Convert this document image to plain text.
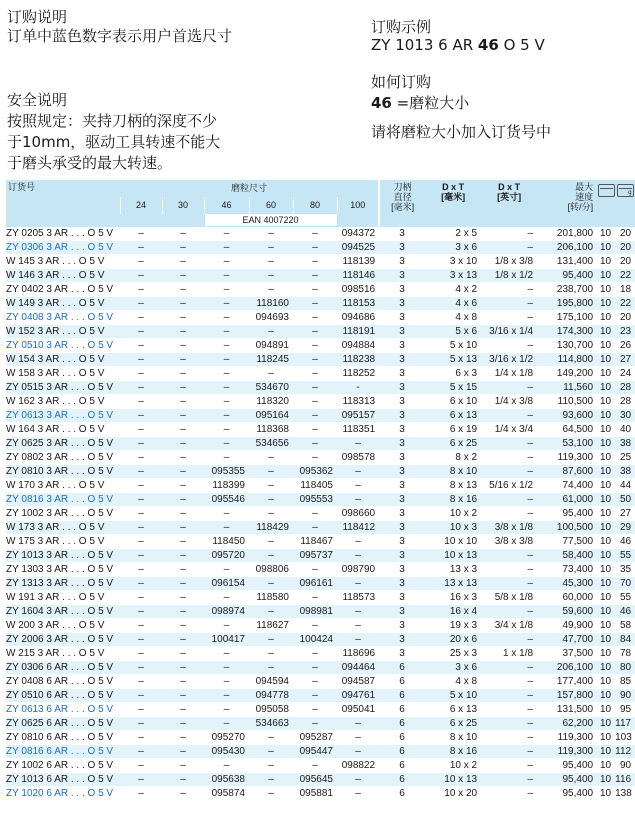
订购说明
订单中蓝色数字表示用户首选尺寸
安全说明
按照规定：夹持刀柄的深度不少
于10mm，驱动工具转速不能大
于磨头承受的最大转速。
订购示例
ZY 1013 6 AR 46 O 5 V
如何订购
46 =磨粒大小
请将磨粒大小加入订货号中
订货号	磨粒尺寸						刀柄
直径
[毫米]	D x T
[毫米]	D x T
[英寸]	最大
速度
[转/分]		g

	24	30	46	60	80	100						
			EAN 4007220									
ZY 0205 3 AR . . . O 5 V	–	–	–	–	–	094372	3	2 x 5	–	201,800	10	20
ZY 0306 3 AR . . . O 5 V	–	–	–	–	–	094525	3	3 x 6	–	206,100	10	20
W 145 3 AR . . . O 5 V	–	–	–	–	–	118139	3	3 x 10	1/8 x 3/8	131,400	10	20
W 146 3 AR . . . O 5 V	–	–	–	–	–	118146	3	3 x 13	1/8 x 1/2	95,400	10	22
ZY 0402 3 AR . . . O 5 V	–	–	–	–	–	098516	3	4 x 2	–	238,700	10	18
W 149 3 AR . . . O 5 V	–	–	–	118160	–	118153	3	4 x 6	–	195,800	10	22
ZY 0408 3 AR . . . O 5 V	–	–	–	094693	–	094686	3	4 x 8	–	175,100	10	20
W 152 3 AR . . . O 5 V	–	–	–	–	–	118191	3	5 x 6	3/16 x 1/4	174,300	10	23
ZY 0510 3 AR . . . O 5 V	–	–	–	094891	–	094884	3	5 x 10	–	130,700	10	26
W 154 3 AR . . . O 5 V	–	–	–	118245	–	118238	3	5 x 13	3/16 x 1/2	114,800	10	27
W 158 3 AR . . . O 5 V	–	–	–	–	–	118252	3	6 x 3	1/4 x 1/8	149,200	10	24
ZY 0515 3 AR . . . O 5 V	–	–	–	534670	–	-	3	5 x 15	–	11,560	10	28
W 162 3 AR . . . O 5 V	–	–	–	118320	–	118313	3	6 x 10	1/4 x 3/8	110,500	10	28
ZY 0613 3 AR . . . O 5 V	–	–	–	095164	–	095157	3	6 x 13	–	93,600	10	30
W 164 3 AR . . . O 5 V	–	–	–	118368	–	118351	3	6 x 19	1/4 x 3/4	64,500	10	40
ZY 0625 3 AR . . . O 5 V	–	–	–	534656	–	–	3	6 x 25	–	53,100	10	38
ZY 0802 3 AR . . . O 5 V	–	–	–	–	–	098578	3	8 x 2	–	119,300	10	25
ZY 0810 3 AR . . . O 5 V	–	–	095355	–	095362	–	3	8 x 10	–	87,600	10	38
W 170 3 AR . . . O 5 V	–	–	118399	–	118405	–	3	8 x 13	5/16 x 1/2	74,400	10	44
ZY 0816 3 AR . . . O 5 V	–	–	095546	–	095553	–	3	8 x 16	–	61,000	10	50
ZY 1002 3 AR . . . O 5 V	–	–	–	–	–	098660	3	10 x 2	–	95,400	10	27
W 173 3 AR . . . O 5 V	–	–	–	118429	–	118412	3	10 x 3	3/8 x 1/8	100,500	10	29
W 175 3 AR . . . O 5 V	–	–	118450	–	118467	–	3	10 x 10	3/8 x 3/8	77,500	10	46
ZY 1013 3 AR . . . O 5 V	–	–	095720	–	095737	–	3	10 x 13	–	58,400	10	55
ZY 1303 3 AR . . . O 5 V	–	–	–	098806	–	098790	3	13 x 3	–	73,400	10	35
ZY 1313 3 AR . . . O 5 V	–	–	096154	–	096161	–	3	13 x 13	–	45,300	10	70
W 191 3 AR . . . O 5 V	–	–	–	118580	–	118573	3	16 x 3	5/8 x 1/8	60,000	10	55
ZY 1604 3 AR . . . O 5 V	–	–	098974	–	098981	–	3	16 x 4	–	59,600	10	46
W 200 3 AR . . . O 5 V	–	–	–	118627	–	–	3	19 x 3	3/4 x 1/8	49,900	10	58
ZY 2006 3 AR . . . O 5 V	–	–	100417	–	100424	–	3	20 x 6	–	47,700	10	84
W 215 3 AR . . . O 5 V	–	–	–	–	–	118696	3	25 x 3	1 x 1/8	37,500	10	78
ZY 0306 6 AR . . . O 5 V	–	–	–	–	–	094464	6	3 x 6	–	206,100	10	80
ZY 0408 6 AR . . . O 5 V	–	–	–	094594	–	094587	6	4 x 8	–	177,400	10	85
ZY 0510 6 AR . . . O 5 V	–	–	–	094778	–	094761	6	5 x 10	–	157,800	10	90
ZY 0613 6 AR . . . O 5 V	–	–	–	095058	–	095041	6	6 x 13	–	131,500	10	95
ZY 0625 6 AR . . . O 5 V	–	–	–	534663	–	–	6	6 x 25	–	62,200	10	117
ZY 0810 6 AR . . . O 5 V	–	–	095270	–	095287	–	6	8 x 10	–	119,300	10	103
ZY 0816 6 AR . . . O 5 V	–	–	095430	–	095447	–	6	8 x 16	–	119,300	10	112
ZY 1002 6 AR . . . O 5 V	–	–	–	–	–	098822	6	10 x 2	–	95,400	10	90
ZY 1013 6 AR . . . O 5 V	–	–	095638	–	095645	–	6	10 x 13	–	95,400	10	116
ZY 1020 6 AR . . . O 5 V	–	–	095874	–	095881	–	6	10 x 20	–	95,400	10	138
